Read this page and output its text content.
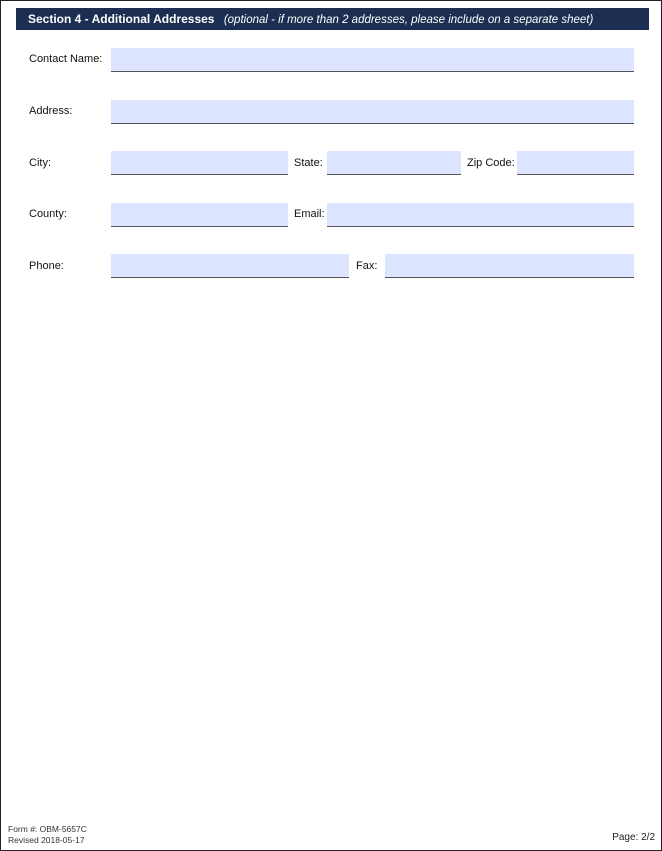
Section 4 - Additional Addresses (optional - if more than 2 addresses, please include on a separate sheet)
Contact Name:
Address:
City:	State:	Zip Code:
County:	Email:
Phone:	Fax:
Form #: OBM-5657C
Revised 2018-05-17	Page: 2/2
